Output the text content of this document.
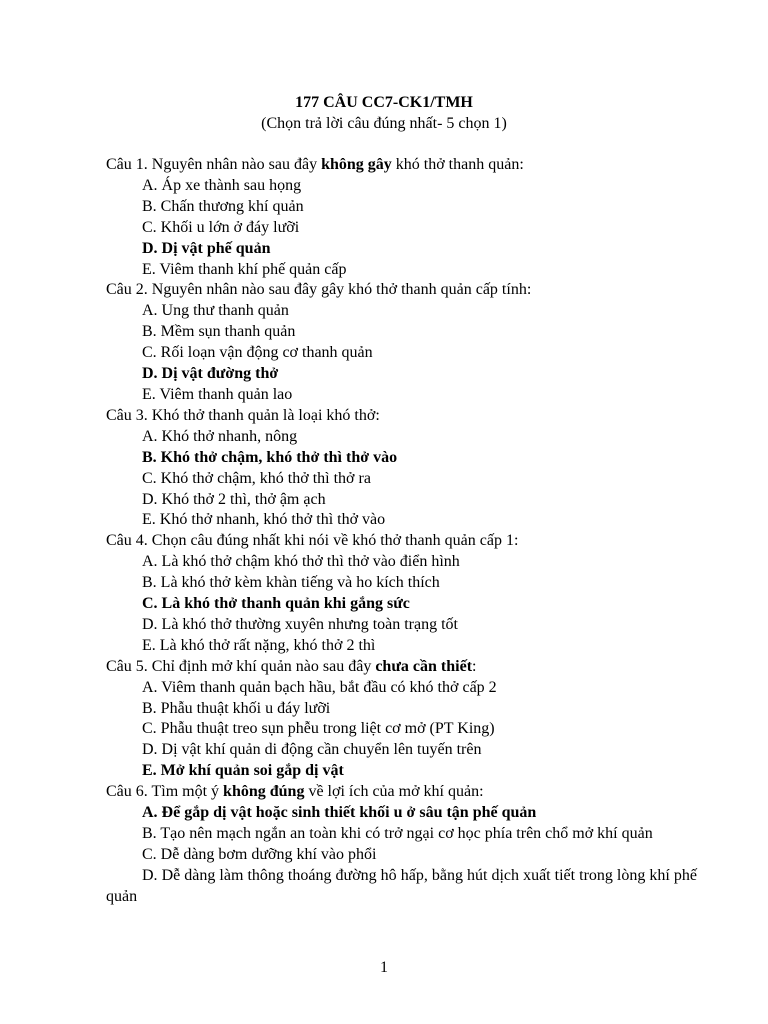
177 CÂU CC7-CK1/TMH
(Chọn trả lời câu đúng nhất- 5 chọn 1)
Câu 1. Nguyên nhân nào sau đây không gây khó thở thanh quản:
A. Áp xe thành sau họng
B. Chấn thương khí quản
C. Khối u lớn ở đáy lưỡi
D. Dị vật phế quản
E. Viêm thanh khí phế quản cấp
Câu 2. Nguyên nhân nào sau đây gây khó thở thanh quản cấp tính:
A. Ung thư thanh quản
B. Mềm sụn thanh quản
C. Rối loạn vận động cơ thanh quản
D. Dị vật đường thở
E. Viêm thanh quản lao
Câu 3. Khó thở thanh quản là loại khó thở:
A. Khó thở nhanh, nông
B. Khó thở chậm, khó thở thì thở vào
C. Khó thở chậm, khó thở thì thở ra
D. Khó thở 2 thì, thở ậm ạch
E. Khó thở nhanh, khó thở thì thở vào
Câu 4. Chọn câu đúng nhất khi nói về khó thở thanh quản cấp 1:
A. Là khó thở chậm khó thở thì thở vào điển hình
B. Là khó thở kèm khàn tiếng và ho kích thích
C. Là khó thở thanh quản khi gắng sức
D. Là khó thở thường xuyên nhưng toàn trạng tốt
E. Là khó thở rất nặng, khó thở 2 thì
Câu 5. Chỉ định mở khí quản nào sau đây chưa cần thiết:
A. Viêm thanh quản bạch hầu, bắt đầu có khó thở cấp 2
B. Phẫu thuật khối u đáy lưỡi
C. Phẫu thuật treo sụn phễu trong liệt cơ mở (PT King)
D. Dị vật khí quản di động cần chuyển lên tuyến trên
E. Mở khí quản soi gắp dị vật
Câu 6. Tìm một ý không đúng về lợi ích của mở khí quản:
A. Để gắp dị vật hoặc sinh thiết khối u ở sâu tận phế quản
B. Tạo nên mạch ngắn an toàn khi có trở ngại cơ học phía trên chổ mở khí quản
C. Dễ dàng bơm dưỡng khí vào phổi
D. Dễ dàng làm thông thoáng đường hô hấp, bằng hút dịch xuất tiết trong lòng khí phế quản
1
